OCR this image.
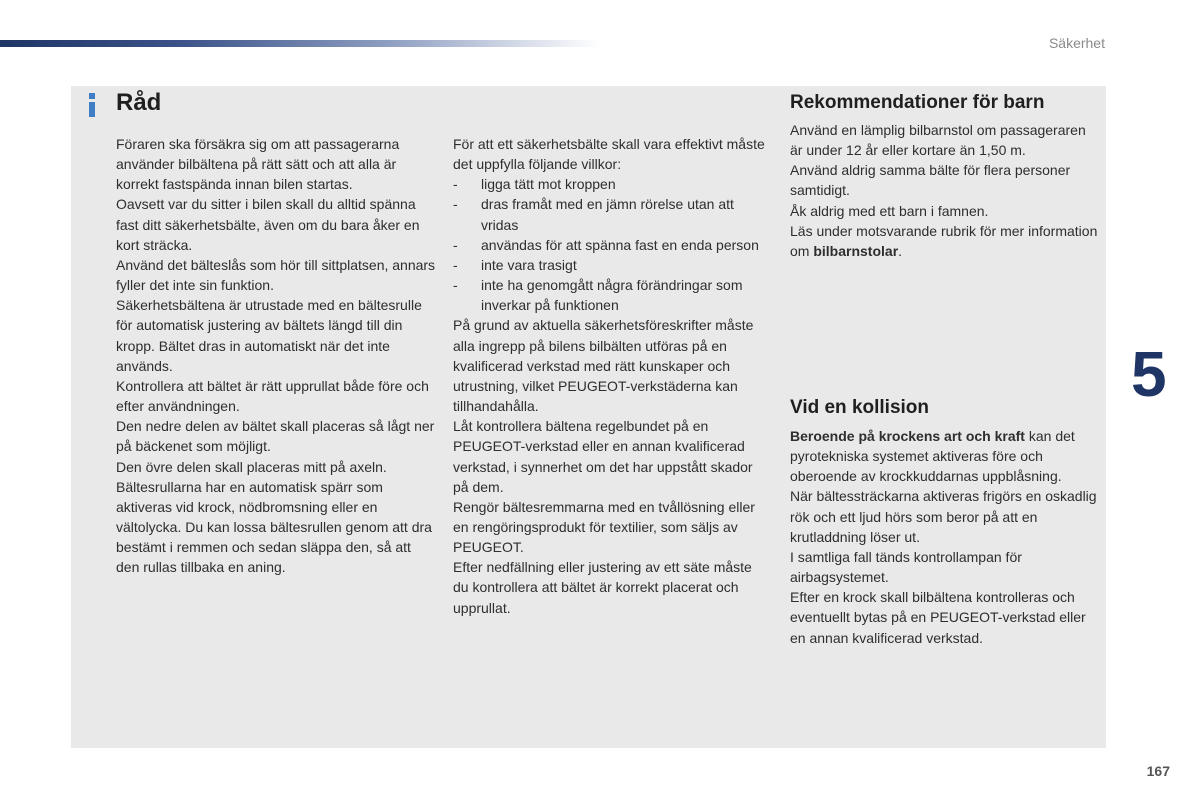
Säkerhet
Råd

Föraren ska försäkra sig om att passagerarna använder bilbältena på rätt sätt och att alla är korrekt fastspända innan bilen startas.

Oavsett var du sitter i bilen skall du alltid spänna fast ditt säkerhetsbälte, även om du bara åker en kort sträcka.

Använd det bälteslås som hör till sittplatsen, annars fyller det inte sin funktion.

Säkerhetsbältena är utrustade med en bältesrulle för automatisk justering av bältets längd till din kropp. Bältet dras in automatiskt när det inte används.

Kontrollera att bältet är rätt upprullat både före och efter användningen.

Den nedre delen av bältet skall placeras så lågt ner på bäckenet som möjligt.

Den övre delen skall placeras mitt på axeln.

Bältesrullarna har en automatisk spärr som aktiveras vid krock, nödbromsning eller en vältolycka. Du kan lossa bältesrullen genom att dra bestämt i remmen och sedan släppa den, så att den rullas tillbaka en aning.

För att ett säkerhetsbälte skall vara effektivt måste det uppfylla följande villkor:

-	ligga tätt mot kroppen
-	dras framåt med en jämn rörelse utan att vridas
-	användas för att spänna fast en enda person
-	inte vara trasigt
-	inte ha genomgått några förändringar som inverkar på funktionen

På grund av aktuella säkerhetsföreskrifter måste alla ingrepp på bilens bilbälten utföras på en kvalificerad verkstad med rätt kunskaper och utrustning, vilket PEUGEOT-verkstäderna kan tillhandahålla.

Låt kontrollera bältena regelbundet på en PEUGEOT-verkstad eller en annan kvalificerad verkstad, i synnerhet om det har uppstått skador på dem.

Rengör bältesremmarna med en tvållösning eller en rengöringsprodukt för textilier, som säljs av PEUGEOT.

Efter nedfällning eller justering av ett säte måste du kontrollera att bältet är korrekt placerat och upprullat.

Rekommendationer för barn

Använd en lämplig bilbarnstol om passageraren är under 12 år eller kortare än 1,50 m.

Använd aldrig samma bälte för flera personer samtidigt.

Åk aldrig med ett barn i famnen.

Läs under motsvarande rubrik för mer information om bilbarnstolar.

Vid en kollision

Beroende på krockens art och kraft kan det pyrotekniska systemet aktiveras före och oberoende av krockkuddarnas uppblåsning.

När bältessträckarna aktiveras frigörs en oskadlig rök och ett ljud hörs som beror på att en krutladdning löser ut.

I samtliga fall tänds kontrollampan för airbagsystemet.

Efter en krock skall bilbältena kontrolleras och eventuellt bytas på en PEUGEOT-verkstad eller en annan kvalificerad verkstad.

5
167
